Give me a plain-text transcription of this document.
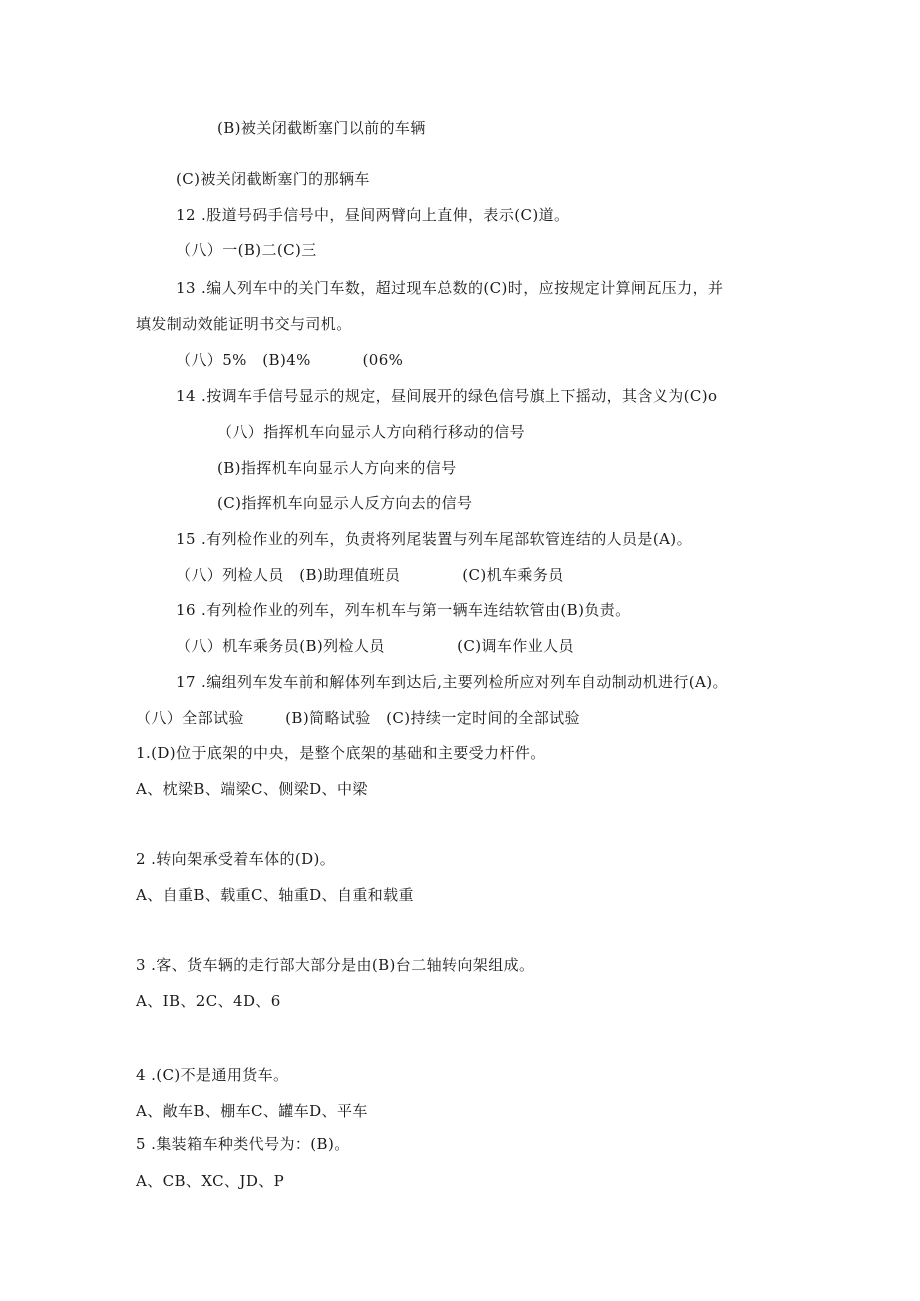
(B)被关闭截断塞门以前的车辆
(C)被关闭截断塞门的那辆车
12 .股道号码手信号中，昼间两臂向上直伸，表示(C)道。
（八）一(B)二(C)三
13 .编人列车中的关门车数，超过现车总数的(C)时，应按规定计算闸瓦压力，并
填发制动效能证明书交与司机。
（八）5%   (B)4%          (06%
14 .按调车手信号显示的规定，昼间展开的绿色信号旗上下摇动，其含义为(C)o
（八）指挥机车向显示人方向稍行移动的信号
(B)指挥机车向显示人方向来的信号
(C)指挥机车向显示人反方向去的信号
15 .有列检作业的列车，负责将列尾装置与列车尾部软管连结的人员是(A)。
（八）列检人员   (B)助理值班员            (C)机车乘务员
16 .有列检作业的列车，列车机车与第一辆车连结软管由(B)负责。
（八）机车乘务员(B)列检人员              (C)调车作业人员
17 .编组列车发车前和解体列车到达后,主要列检所应对列车自动制动机进行(A)。
（八）全部试验        (B)简略试验   (C)持续一定时间的全部试验
1.(D)位于底架的中央，是整个底架的基础和主要受力杆件。
A、枕梁B、端梁C、侧梁D、中梁
2 .转向架承受着车体的(D)。
A、自重B、载重C、轴重D、自重和载重
3 .客、货车辆的走行部大部分是由(B)台二轴转向架组成。
A、IB、2C、4D、6
4 .(C)不是通用货车。
A、敞车B、棚车C、罐车D、平车
5 .集装箱车种类代号为：(B)。
A、CB、XC、JD、P
